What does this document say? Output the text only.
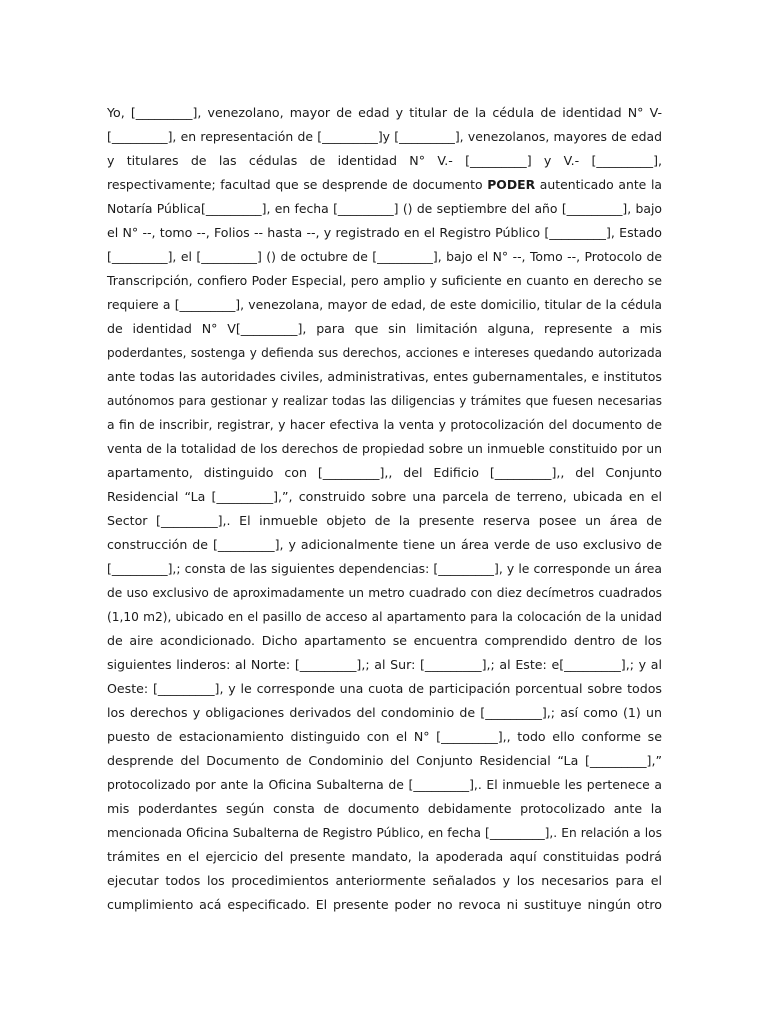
Yo, [_________], venezolano, mayor de edad y titular de la cédula de identidad N° V-
[_________], en representación de [_________]y [_________], venezolanos, mayores de edad
y titulares de las cédulas de identidad N° V.- [_________] y V.- [_________],
respectivamente; facultad que se desprende de documento PODER autenticado ante la
Notaría Pública[_________], en fecha [_________] () de septiembre del año [_________], bajo
el N° --, tomo --, Folios -- hasta --, y registrado en el Registro Público [_________], Estado
[_________], el [_________] () de octubre de [_________], bajo el N° --, Tomo --, Protocolo de
Transcripción, confiero Poder Especial, pero amplio y suficiente en cuanto en derecho se
requiere a [_________], venezolana, mayor de edad, de este domicilio, titular de la cédula
de identidad N° V[_________], para que sin limitación alguna, represente a mis
poderdantes, sostenga y defienda sus derechos, acciones e intereses quedando autorizada
ante todas las autoridades civiles, administrativas, entes gubernamentales, e institutos
autónomos para gestionar y realizar todas las diligencias y trámites que fuesen necesarias
a fin de inscribir, registrar, y hacer efectiva la venta y protocolización del documento de
venta de la totalidad de los derechos de propiedad sobre un inmueble constituido por un
apartamento, distinguido con [_________],, del Edificio [_________],, del Conjunto
Residencial “La [_________],”, construido sobre una parcela de terreno, ubicada en el
Sector [_________],. El inmueble objeto de la presente reserva posee un área de
construcción de [_________], y adicionalmente tiene un área verde de uso exclusivo de
[_________],; consta de las siguientes dependencias: [_________], y le corresponde un área
de uso exclusivo de aproximadamente un metro cuadrado con diez decímetros cuadrados
(1,10 m2), ubicado en el pasillo de acceso al apartamento para la colocación de la unidad
de aire acondicionado. Dicho apartamento se encuentra comprendido dentro de los
siguientes linderos: al Norte: [_________],; al Sur: [_________],; al Este: e[_________],; y al
Oeste: [_________], y le corresponde una cuota de participación porcentual sobre todos
los derechos y obligaciones derivados del condominio de [_________],; así como (1) un
puesto de estacionamiento distinguido con el N° [_________],, todo ello conforme se
desprende del Documento de Condominio del Conjunto Residencial “La [_________],”
protocolizado por ante la Oficina Subalterna de [_________],. El inmueble les pertenece a
mis poderdantes según consta de documento debidamente protocolizado ante la
mencionada Oficina Subalterna de Registro Público, en fecha [_________],. En relación a los
trámites en el ejercicio del presente mandato, la apoderada aquí constituidas podrá
ejecutar todos los procedimientos anteriormente señalados y los necesarios para el
cumplimiento acá especificado. El presente poder no revoca ni sustituye ningún otro
